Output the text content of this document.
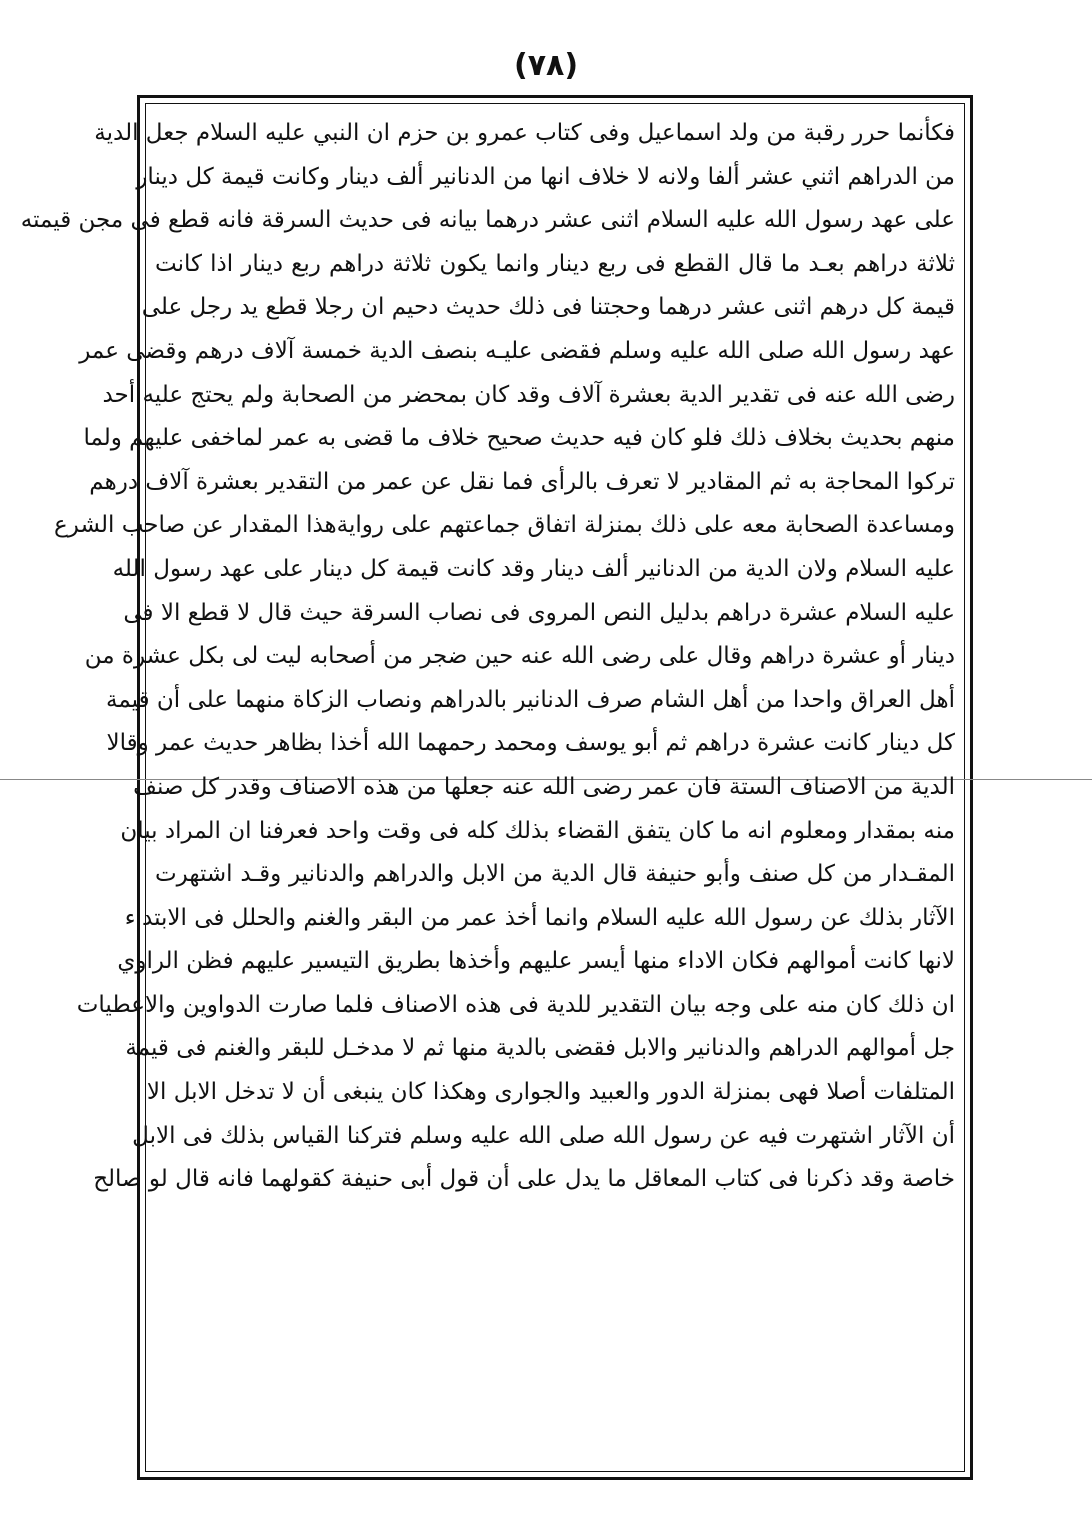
(٧٨)
فكأنما حرر رقبة من ولد اسماعيل وفى كتاب عمرو بن حزم ان النبي عليه السلام جعل الدية
من الدراهم اثني عشر ألفا ولانه لا خلاف انها من الدنانير ألف دينار وكانت قيمة كل دينار
على عهد رسول الله عليه السلام اثنى عشر درهما بيانه فى حديث السرقة فانه قطع فى مجن قيمته
ثلاثة دراهم بعـد ما قال القطع فى ربع دينار وانما يكون ثلاثة دراهم ربع دينار اذا كانت
قيمة كل درهم اثنى عشر درهما وحجتنا فى ذلك حديث دحيم ان رجلا قطع يد رجل على
عهد رسول الله صلى الله عليه وسلم فقضى عليـه بنصف الدية خمسة آلاف درهم وقضى عمر
رضى الله عنه فى تقدير الدية بعشرة آلاف وقد كان بمحضر من الصحابة ولم يحتج عليه أحد
منهم بحديث بخلاف ذلك فلو كان فيه حديث صحيح خلاف ما قضى به عمر لماخفى عليهم ولما
تركوا المحاجة به ثم المقادير لا تعرف بالرأى فما نقل عن عمر من التقدير بعشرة آلاف درهم
ومساعدة الصحابة معه على ذلك بمنزلة اتفاق جماعتهم على روايةهذا المقدار عن صاحب الشرع
عليه السلام ولان الدية من الدنانير ألف دينار وقد كانت قيمة كل دينار على عهد رسول الله
عليه السلام عشرة دراهم بدليل النص المروى فى نصاب السرقة حيث قال لا قطع الا فى
دينار أو عشرة دراهم وقال على رضى الله عنه حين ضجر من أصحابه ليت لى بكل عشرة من
أهل العراق واحدا من أهل الشام صرف الدنانير بالدراهم ونصاب الزكاة منهما على أن قيمة
كل دينار كانت عشرة دراهم ثم أبو يوسف ومحمد رحمهما الله أخذا بظاهر حديث عمر وقالا
الدية من الاصناف الستة فان عمر رضى الله عنه جعلها من هذه الاصناف وقدر كل صنف
منه بمقدار ومعلوم انه ما كان يتفق القضاء بذلك كله فى وقت واحد فعرفنا ان المراد بيان
المقـدار من كل صنف وأبو حنيفة قال الدية من الابل والدراهم والدنانير وقـد اشتهرت
الآثار بذلك عن رسول الله عليه السلام وانما أخذ عمر من البقر والغنم والحلل فى الابتداء
لانها كانت أموالهم فكان الاداء منها أيسر عليهم وأخذها بطريق التيسير عليهم فظن الراوي
ان ذلك كان منه على وجه بيان التقدير للدية فى هذه الاصناف فلما صارت الدواوين والاعطيات
جل أموالهم الدراهم والدنانير والابل فقضى بالدية منها ثم لا مدخـل للبقر والغنم فى قيمة
المتلفات أصلا فهى بمنزلة الدور والعبيد والجوارى وهكذا كان ينبغى أن لا تدخل الابل الا
أن الآثار اشتهرت فيه عن رسول الله صلى الله عليه وسلم فتركنا القياس بذلك فى الابل
خاصة وقد ذكرنا فى كتاب المعاقل ما يدل على أن قول أبى حنيفة كقولهما فانه قال لو صالح
